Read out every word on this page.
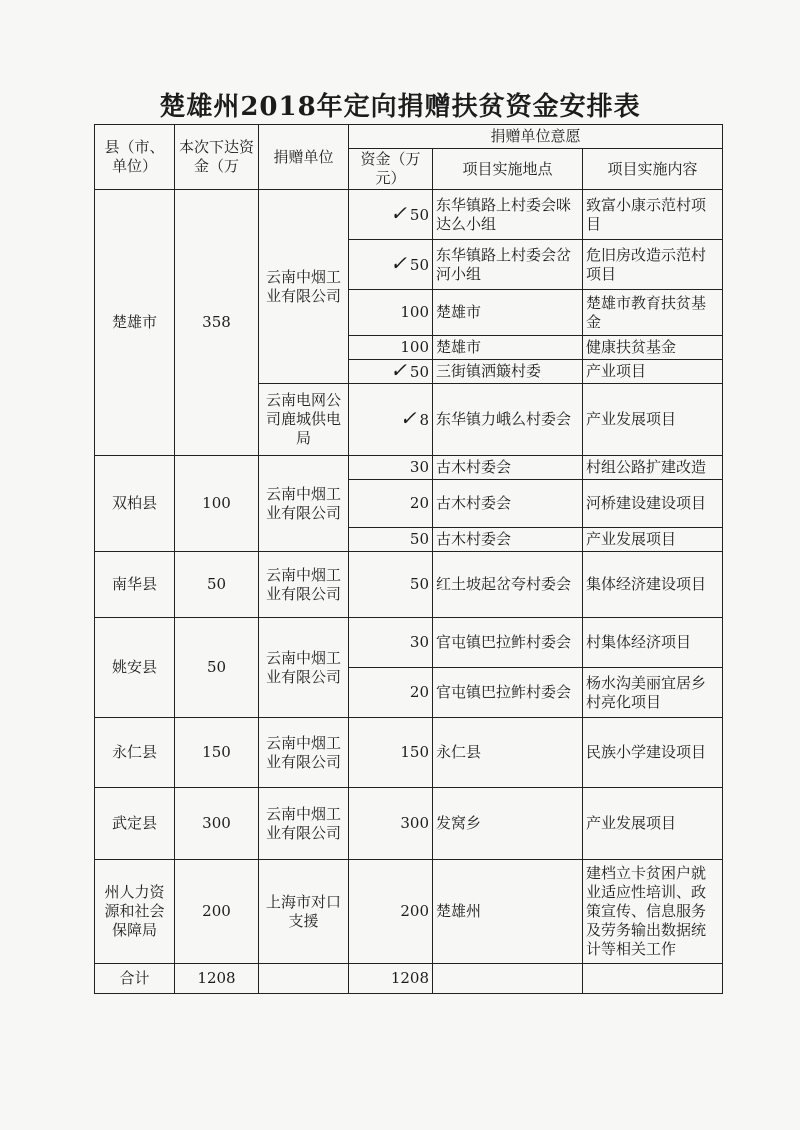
楚雄州2018年定向捐赠扶贫资金安排表
县（市、单位）	本次下达资金（万	捐赠单位	捐赠单位意愿		
			资金（万元）	项目实施地点	项目实施内容
楚雄市	358	云南中烟工业有限公司	✓ 50	东华镇路上村委会咪达么小组	致富小康示范村项目
			✓ 50	东华镇路上村委会岔河小组	危旧房改造示范村项目
			100	楚雄市	楚雄市教育扶贫基金
			100	楚雄市	健康扶贫基金
			✓ 50	三街镇洒簸村委	产业项目
		云南电网公司鹿城供电局	✓ 8	东华镇力峨么村委会	产业发展项目
双柏县	100	云南中烟工业有限公司	30	古木村委会	村组公路扩建改造
			20	古木村委会	河桥建设建设项目
			50	古木村委会	产业发展项目
南华县	50	云南中烟工业有限公司	50	红土坡起岔夸村委会	集体经济建设项目
姚安县	50	云南中烟工业有限公司	30	官屯镇巴拉鲊村委会	村集体经济项目
			20	官屯镇巴拉鲊村委会	杨水沟美丽宜居乡村亮化项目
永仁县	150	云南中烟工业有限公司	150	永仁县	民族小学建设项目
武定县	300	云南中烟工业有限公司	300	发窝乡	产业发展项目
州人力资源和社会保障局	200	上海市对口支援	200	楚雄州	建档立卡贫困户就业适应性培训、政策宣传、信息服务及劳务输出数据统计等相关工作
合计	1208		1208		
